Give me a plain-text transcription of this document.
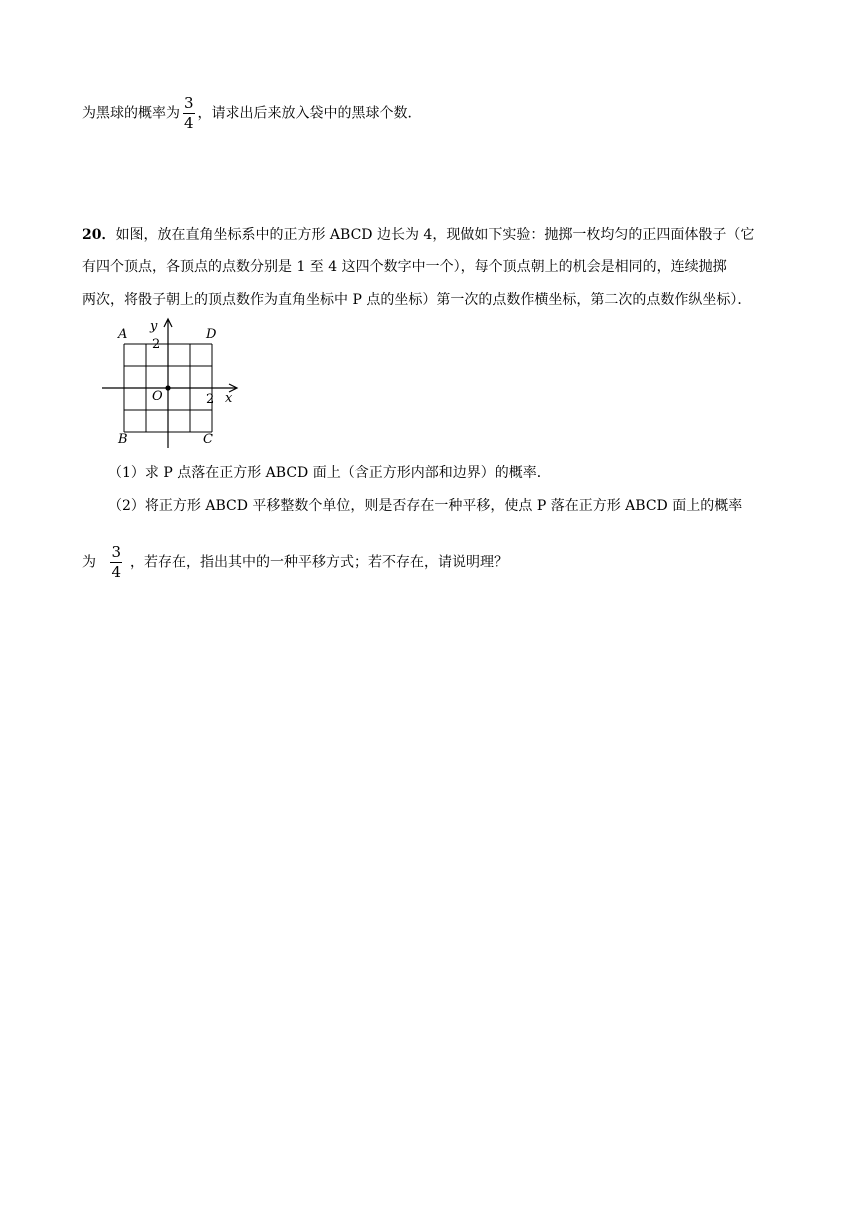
为黑球的概率为 $\frac{3}{4}$ ，请求出后来放入袋中的黑球个数．
20．如图，放在直角坐标系中的正方形 ABCD 边长为 4，现做如下实验：抛掷一枚均匀的正四面体骰子（它
有四个顶点，各顶点的点数分别是 1 至 4 这四个数字中一个），每个顶点朝上的机会是相同的，连续抛掷
两次，将骰子朝上的顶点数作为直角坐标中 P 点的坐标）第一次的点数作横坐标，第二次的点数作纵坐标）．
A	D
B	C
y
x
O
2
2
（1）求 P 点落在正方形 ABCD 面上（含正方形内部和边界）的概率．
（2）将正方形 ABCD 平移整数个单位，则是否存在一种平移，使点 P 落在正方形 ABCD 面上的概率
为 $\frac{3}{4}$ ，若存在，指出其中的一种平移方式；若不存在，请说明理？
